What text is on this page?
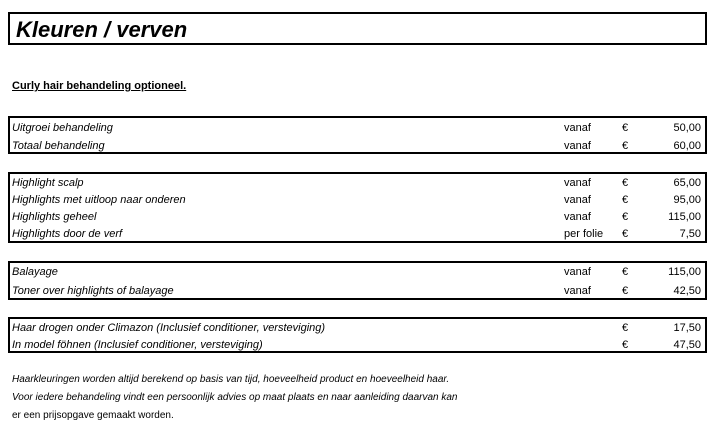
Kleuren / verven
Curly hair behandeling optioneel.
Uitgroei behandeling	vanaf	€	50,00
Totaal behandeling	vanaf	€	60,00
Highlight scalp	vanaf	€	65,00
Highlights met uitloop naar onderen	vanaf	€	95,00
Highlights geheel	vanaf	€	115,00
Highlights door de verf	per folie €	7,50
Balayage	vanaf	€	115,00
Toner over highlights of balayage	vanaf	€	42,50
Haar drogen onder Climazon (Inclusief conditioner, versteviging)	€	17,50
In model föhnen (Inclusief conditioner, versteviging)	€	47,50
Haarkleuringen worden altijd berekend op basis van tijd, hoeveelheid product en hoeveelheid haar.
Voor iedere behandeling vindt een persoonlijk advies op maat plaats en naar aanleiding daarvan kan
er een prijsopgave gemaakt worden.
